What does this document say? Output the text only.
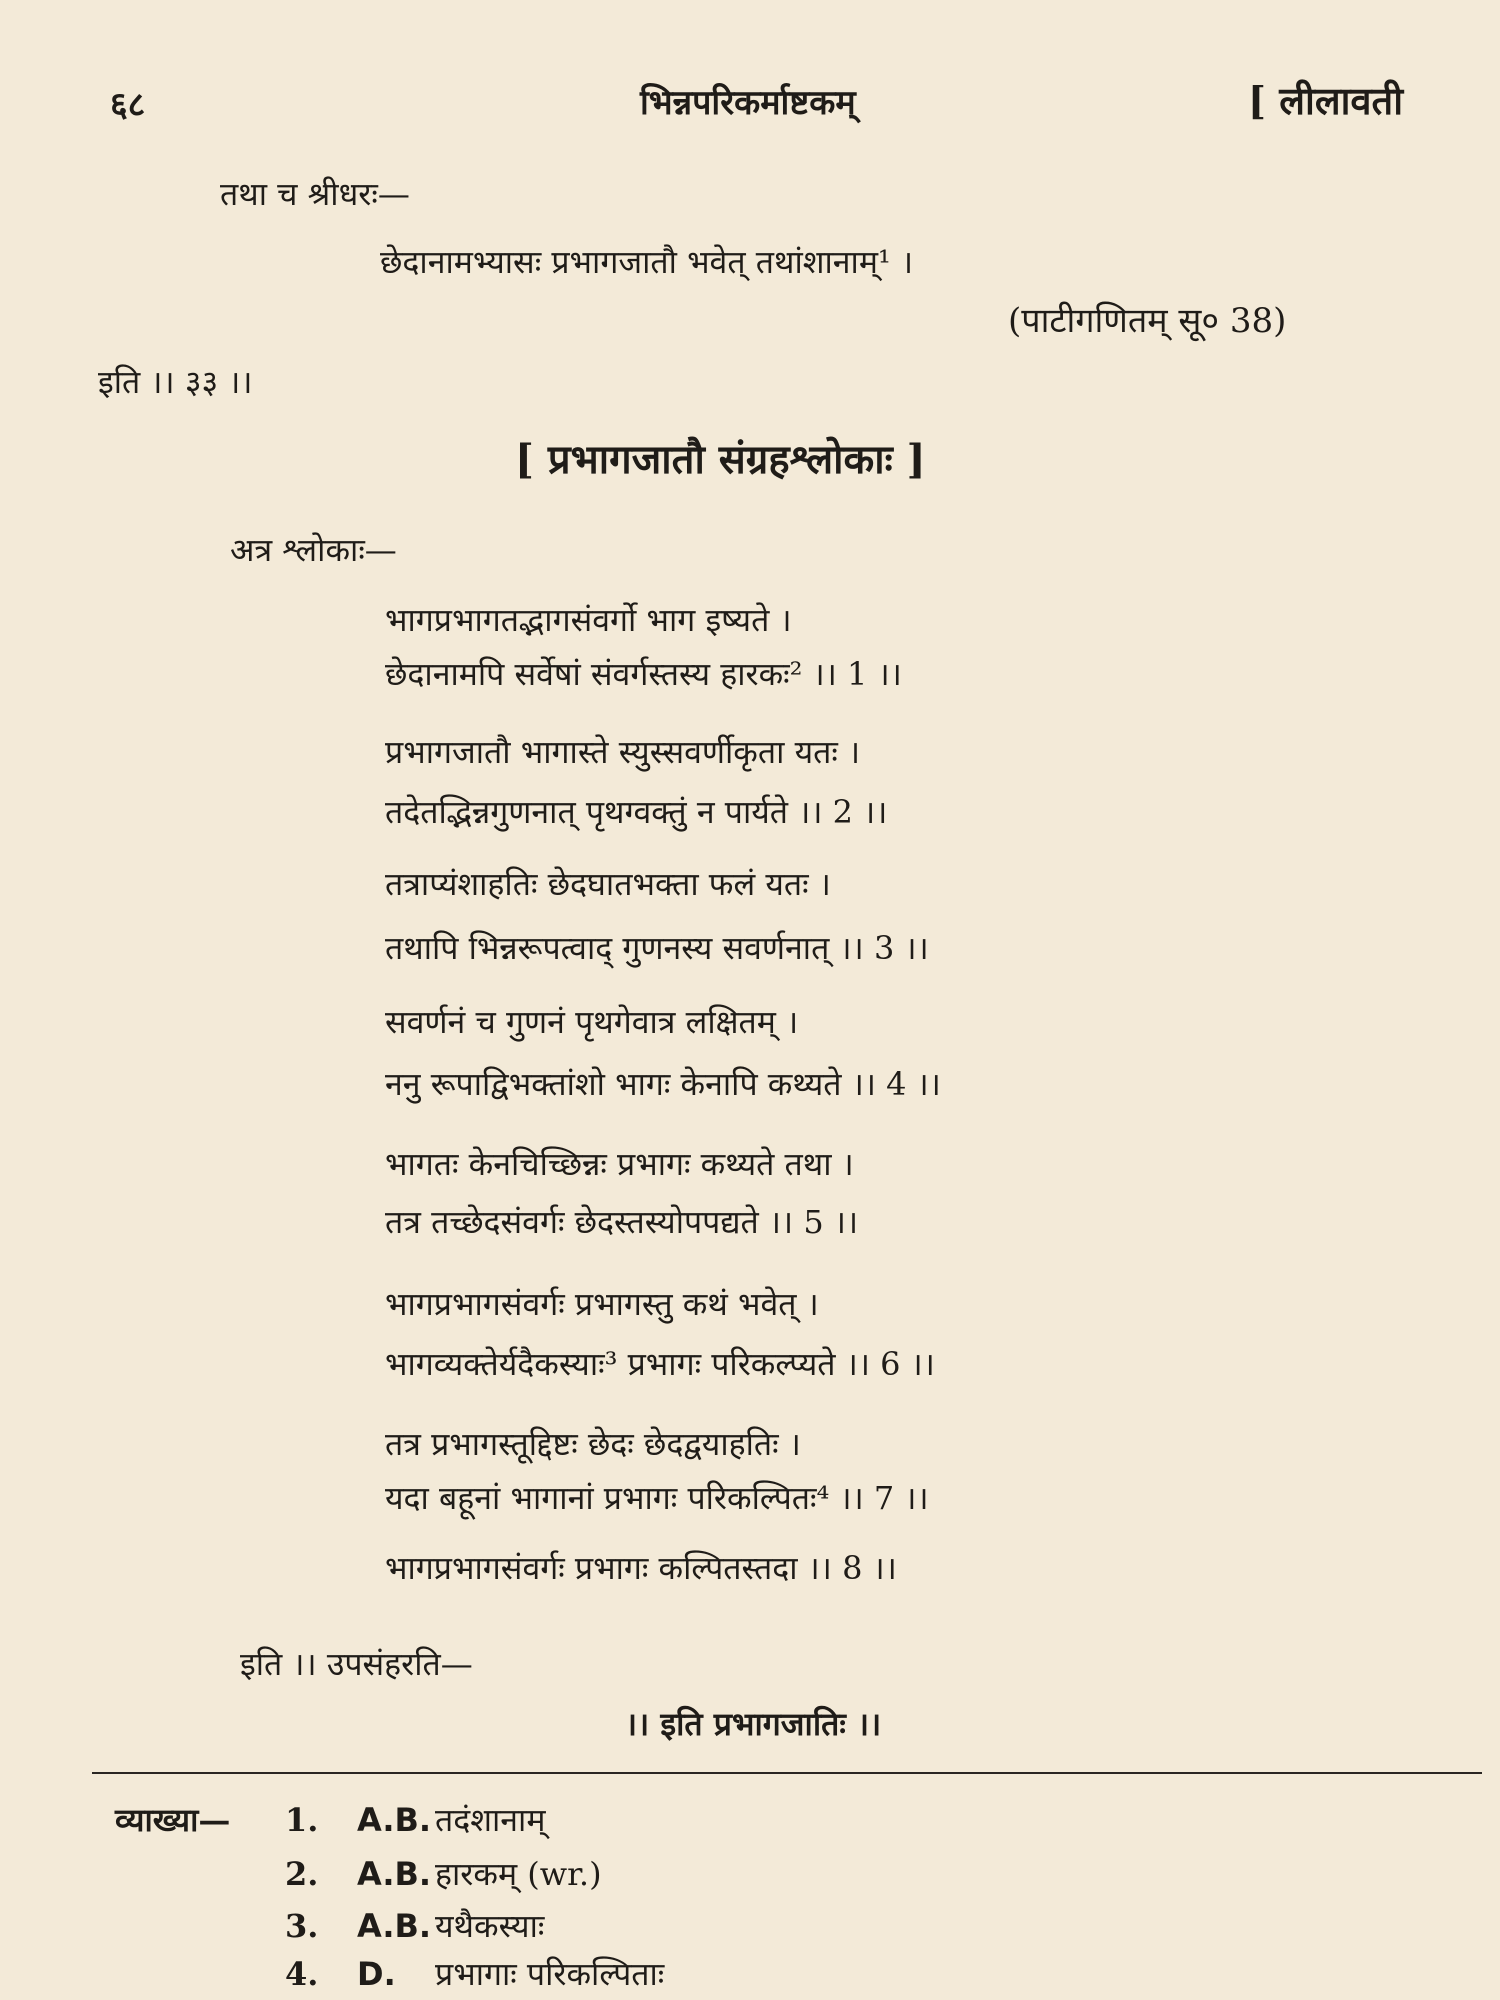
६८	भिन्नपरिकर्माष्टकम्	[ लीलावती
तथा च श्रीधरः—
छेदानामभ्यासः प्रभागजातौ भवेत् तथांशानाम्¹ ।
(पाटीगणितम् सू० 38)
इति ।। ३३ ।।
[ प्रभागजातौ संग्रहश्लोकाः ]
अत्र श्लोकाः—
भागप्रभागतद्भागसंवर्गो भाग इष्यते ।
छेदानामपि सर्वेषां संवर्गस्तस्य हारकः² ।। 1 ।।
प्रभागजातौ भागास्ते स्युस्सवर्णीकृता यतः ।
तदेतद्भिन्नगुणनात् पृथग्वक्तुं न पार्यते ।। 2 ।।
तत्राप्यंशाहतिः छेदघातभक्ता फलं यतः ।
तथापि भिन्नरूपत्वाद् गुणनस्य सवर्णनात् ।। 3 ।।
सवर्णनं च गुणनं पृथगेवात्र लक्षितम् ।
ननु रूपाद्विभक्तांशो भागः केनापि कथ्यते ।। 4 ।।
भागतः केनचिच्छिन्नः प्रभागः कथ्यते तथा ।
तत्र तच्छेदसंवर्गः छेदस्तस्योपपद्यते ।। 5 ।।
भागप्रभागसंवर्गः प्रभागस्तु कथं भवेत् ।
भागव्यक्तेर्यदैकस्याः³ प्रभागः परिकल्प्यते ।। 6 ।।
तत्र प्रभागस्तूद्दिष्टः छेदः छेदद्वयाहतिः ।
यदा बहूनां भागानां प्रभागः परिकल्पितः⁴ ।। 7 ।।
भागप्रभागसंवर्गः प्रभागः कल्पितस्तदा ।। 8 ।।
इति ।। उपसंहरति—
।। इति प्रभागजातिः ।।
व्याख्या— 1. A.B. तदंशानाम्
2. A.B. हारकम् (wr.)
3. A.B. यथैकस्याः
4. D. प्रभागाः परिकल्पिताः
